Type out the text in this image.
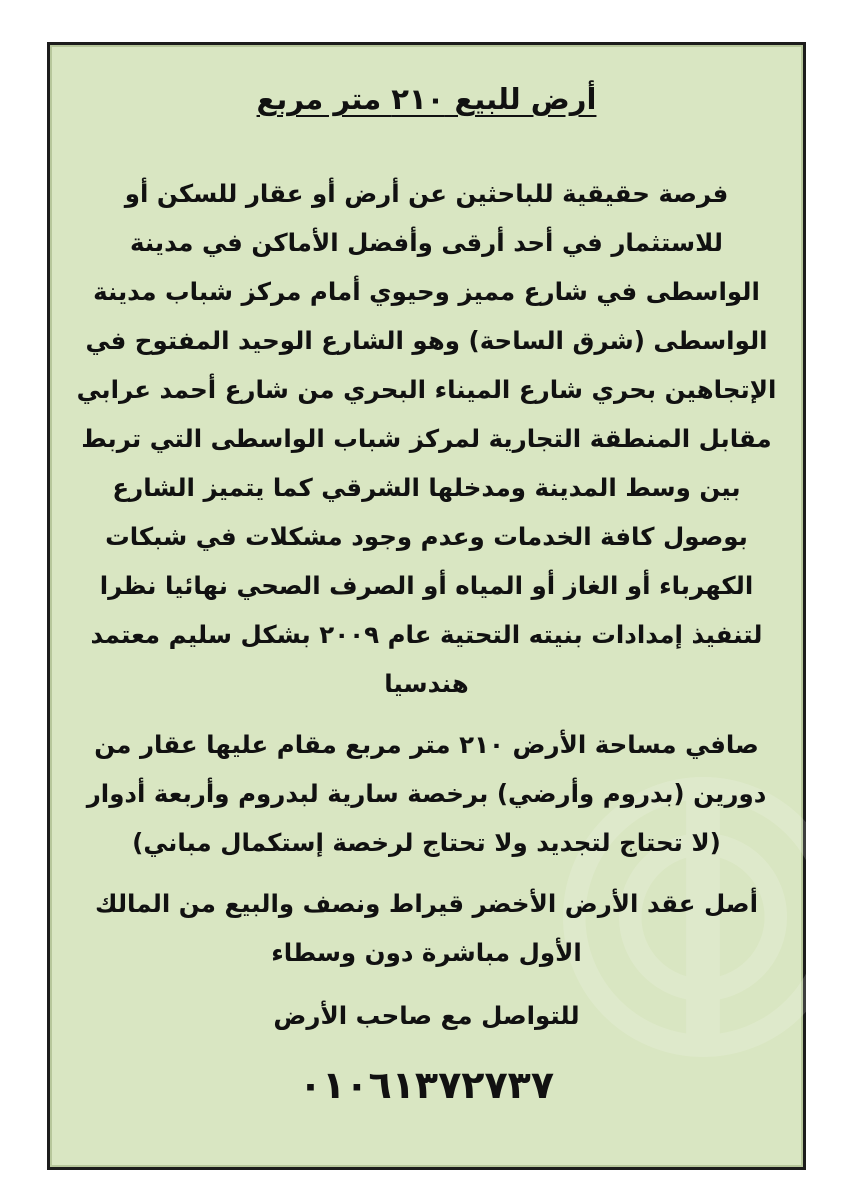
أرض للبيع ٢١٠ متر مربع

فرصة حقيقية للباحثين عن أرض أو عقار للسكن أو للاستثمار في أحد أرقى وأفضل الأماكن في مدينة الواسطى في شارع مميز وحيوي أمام مركز شباب مدينة الواسطى (شرق الساحة) وهو الشارع الوحيد المفتوح في الإتجاهين بحري شارع الميناء البحري من شارع أحمد عرابي مقابل المنطقة التجارية لمركز شباب الواسطى التي تربط بين وسط المدينة ومدخلها الشرقي كما يتميز الشارع بوصول كافة الخدمات وعدم وجود مشكلات في شبكات الكهرباء أو الغاز أو المياه أو الصرف الصحي نهائيا نظرا لتنفيذ إمدادات بنيته التحتية عام ٢٠٠٩ بشكل سليم معتمد هندسيا

صافي مساحة الأرض ٢١٠ متر مربع مقام عليها عقار من دورين (بدروم وأرضي) برخصة سارية لبدروم وأربعة أدوار (لا تحتاج لتجديد ولا تحتاج لرخصة إستكمال مباني)

أصل عقد الأرض الأخضر قيراط ونصف والبيع من المالك الأول مباشرة دون وسطاء

للتواصل مع صاحب الأرض
٠١٠٦١٣٧٢٧٣٧
